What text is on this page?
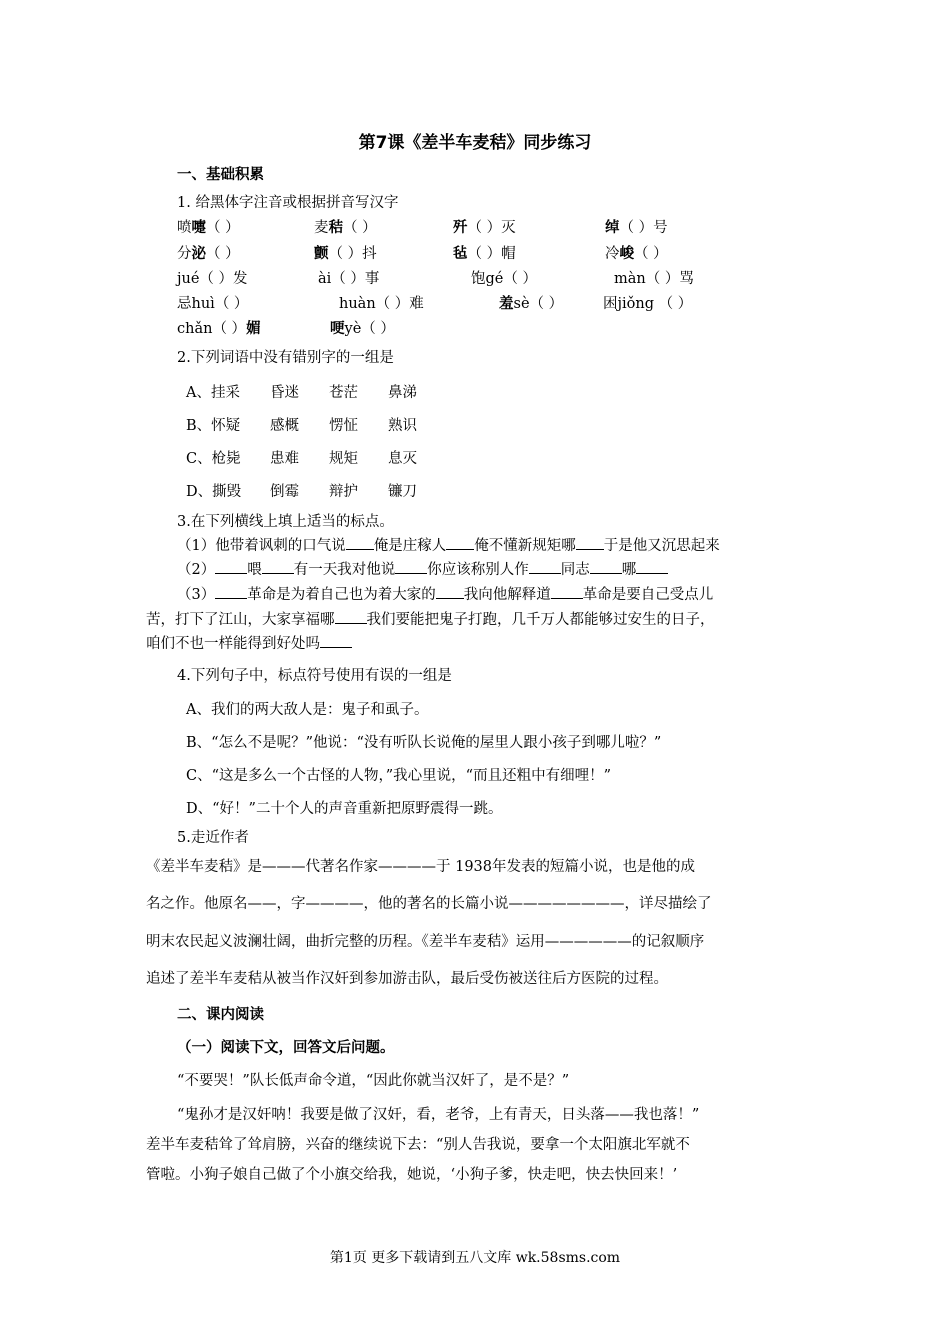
第7课《差半车麦秸》同步练习
一、基础积累
1. 给黑体字注音或根据拼音写汉字
喷嚏（ ）	麦秸（ ）	歼（ ）灭	绰（ ）号
分泌（ ）	颤（ ）抖	毡（ ）帽	冷峻（ ）
jué（ ）发	ài（ ）事	饱gé（ ）	màn（ ）骂
忌huì（ ）	huàn（ ）难	羞sè（ ）	困jiǒng （ ）
chǎn（ ）媚	哽yè（ ）
2.下列词语中没有错别字的一组是
A、挂采 昏迷 苍茫 鼻涕
B、怀疑 感概 愣怔 熟识
C、枪毙 患难 规矩 息灭
D、撕毁 倒霉 辩护 镰刀
3.在下列横线上填上适当的标点。
（1）他带着讽刺的口气说 俺是庄稼人 俺不懂新规矩哪 于是他又沉思起来
（2） 喂 有一天我对他说 你应该称别人作 同志 哪
（3） 革命是为着自己也为着大家的 我向他解释道 革命是要自己受点儿
苦，打下了江山，大家享福哪 我们要能把鬼子打跑，几千万人都能够过安生的日子，
咱们不也一样能得到好处吗
4.下列句子中，标点符号使用有误的一组是
A、我们的两大敌人是：鬼子和虱子。
B、“怎么不是呢？”他说：“没有听队长说俺的屋里人跟小孩子到哪儿啦？”
C、“这是多么一个古怪的人物，”我心里说，“而且还粗中有细哩！”
D、“好！”二十个人的声音重新把原野震得一跳。
5.走近作者
《差半车麦秸》是———代著名作家————于 1938年发表的短篇小说，也是他的成
名之作。他原名——，字————，他的著名的长篇小说————————，详尽描绘了
明末农民起义波澜壮阔，曲折完整的历程。《差半车麦秸》运用——————的记叙顺序
追述了差半车麦秸从被当作汉奸到参加游击队，最后受伤被送往后方医院的过程。
二、课内阅读
（一）阅读下文，回答文后问题。
“不要哭！”队长低声命令道，“因此你就当汉奸了，是不是？”
“鬼孙才是汉奸呐！我要是做了汉奸，看，老爷，上有青天，日头落——我也落！”
差半车麦秸耸了耸肩膀，兴奋的继续说下去：“别人告我说，要拿一个太阳旗北军就不
管啦。小狗子娘自己做了个小旗交给我，她说，‘小狗子爹，快走吧，快去快回来！’
第1页 更多下载请到五八文库 wk.58sms.com
